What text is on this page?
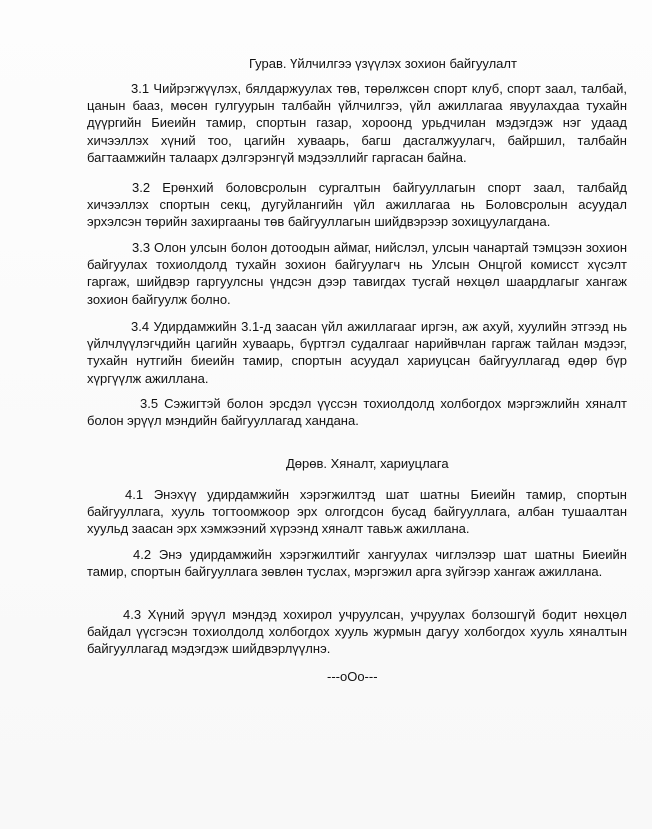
Гурав. Үйлчилгээ үзүүлэх зохион байгуулалт

3.1 Чийрэгжүүлэх, бялдаржуулах төв, төрөлжсөн спорт клуб, спорт заал, талбай, цанын бааз, мөсөн гулгуурын талбайн үйлчилгээ, үйл ажиллагаа явуулахдаа тухайн дүүргийн Биеийн тамир, спортын газар, хороонд урьдчилан мэдэгдэж нэг удаад хичээллэх хүний тоо, цагийн хуваарь, багш дасгалжуулагч, байршил, талбайн багтаамжийн талаарх дэлгэрэнгүй мэдээллийг гаргасан байна.

3.2 Ерөнхий боловсролын сургалтын байгууллагын спорт заал, талбайд хичээллэх спортын секц, дугуйлангийн үйл ажиллагаа нь Боловсролын асуудал эрхэлсэн төрийн захиргааны төв байгууллагын шийдвэрээр зохицуулагдана.

3.3 Олон улсын болон дотоодын аймаг, нийслэл, улсын чанартай тэмцээн зохион байгуулах тохиолдолд тухайн зохион байгуулагч нь Улсын Онцгой комисст хүсэлт гаргаж, шийдвэр гаргуулсны үндсэн дээр тавигдах тусгай нөхцөл шаардлагыг хангаж зохион байгуулж болно.

3.4 Удирдамжийн 3.1-д заасан үйл ажиллагааг иргэн, аж ахуй, хуулийн этгээд нь үйлчлүүлэгчдийн цагийн хуваарь, бүртгэл судалгааг нарийвчлан гаргаж тайлан мэдээг, тухайн нутгийн биеийн тамир, спортын асуудал хариуцсан байгууллагад өдөр бүр хүргүүлж ажиллана.

3.5 Сэжигтэй болон эрсдэл үүссэн тохиолдолд холбогдох мэргэжлийн хяналт болон эрүүл мэндийн байгууллагад хандана.

Дөрөв. Хяналт, хариуцлага

4.1 Энэхүү удирдамжийн хэрэгжилтэд шат шатны Биеийн тамир, спортын байгууллага, хууль тогтоомжоор эрх олгогдсон бусад байгууллага, албан тушаалтан хуульд заасан эрх хэмжээний хүрээнд хяналт тавьж ажиллана.

4.2 Энэ удирдамжийн хэрэгжилтийг хангуулах чиглэлээр шат шатны Биеийн тамир, спортын байгууллага зөвлөн туслах, мэргэжил арга зүйгээр хангаж ажиллана.

4.3 Хүний эрүүл мэндэд хохирол учруулсан, учруулах болзошгүй бодит нөхцөл байдал үүсгэсэн тохиолдолд холбогдох хууль журмын дагуу холбогдох хууль хяналтын байгууллагад мэдэгдэж шийдвэрлүүлнэ.

---oOo---
